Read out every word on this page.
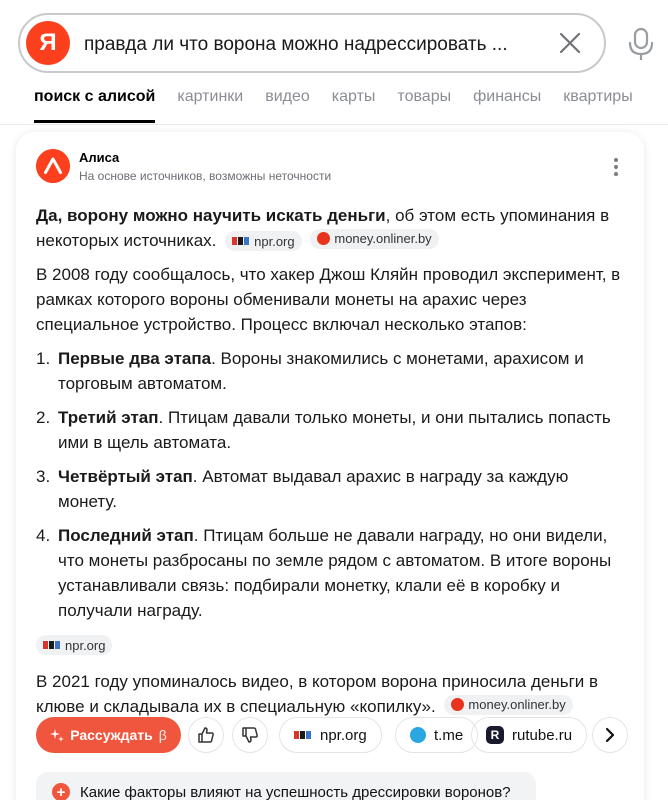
Я	правда ли что ворона можно надрессировать ...
поиск с алисой картинки видео карты товары финансы квартиры
Алиса
На основе источников, возможны неточности

Да, ворону можно научить искать деньги, об этом есть упоминания в некоторых источниках.	npr.org
	money.onliner.by

В 2008 году сообщалось, что хакер Джош Кляйн проводил эксперимент, в рамках которого вороны обменивали монеты на арахис через специальное устройство. Процесс включал несколько этапов:

1. Первые два этапа. Вороны знакомились с монетами, арахисом и торговым автоматом.
2. Третий этап. Птицам давали только монеты, и они пытались попасть ими в щель автомата.
3. Четвёртый этап. Автомат выдавал арахис в награду за каждую монету.
4. Последний этап. Птицам больше не давали награду, но они видели, что монеты разбросаны по земле рядом с автоматом. В итоге вороны устанавливали связь: подбирали монетку, клали её в коробку и получали награду.
npr.org

В 2021 году упоминалось видео, в котором ворона приносила деньги в клюве и складывала их в специальную «копилку».	money.onliner.by

Рассуждать β	npr.org	t.me	R rutube.ru
+ Какие факторы влияют на успешность дрессировки воронов?
